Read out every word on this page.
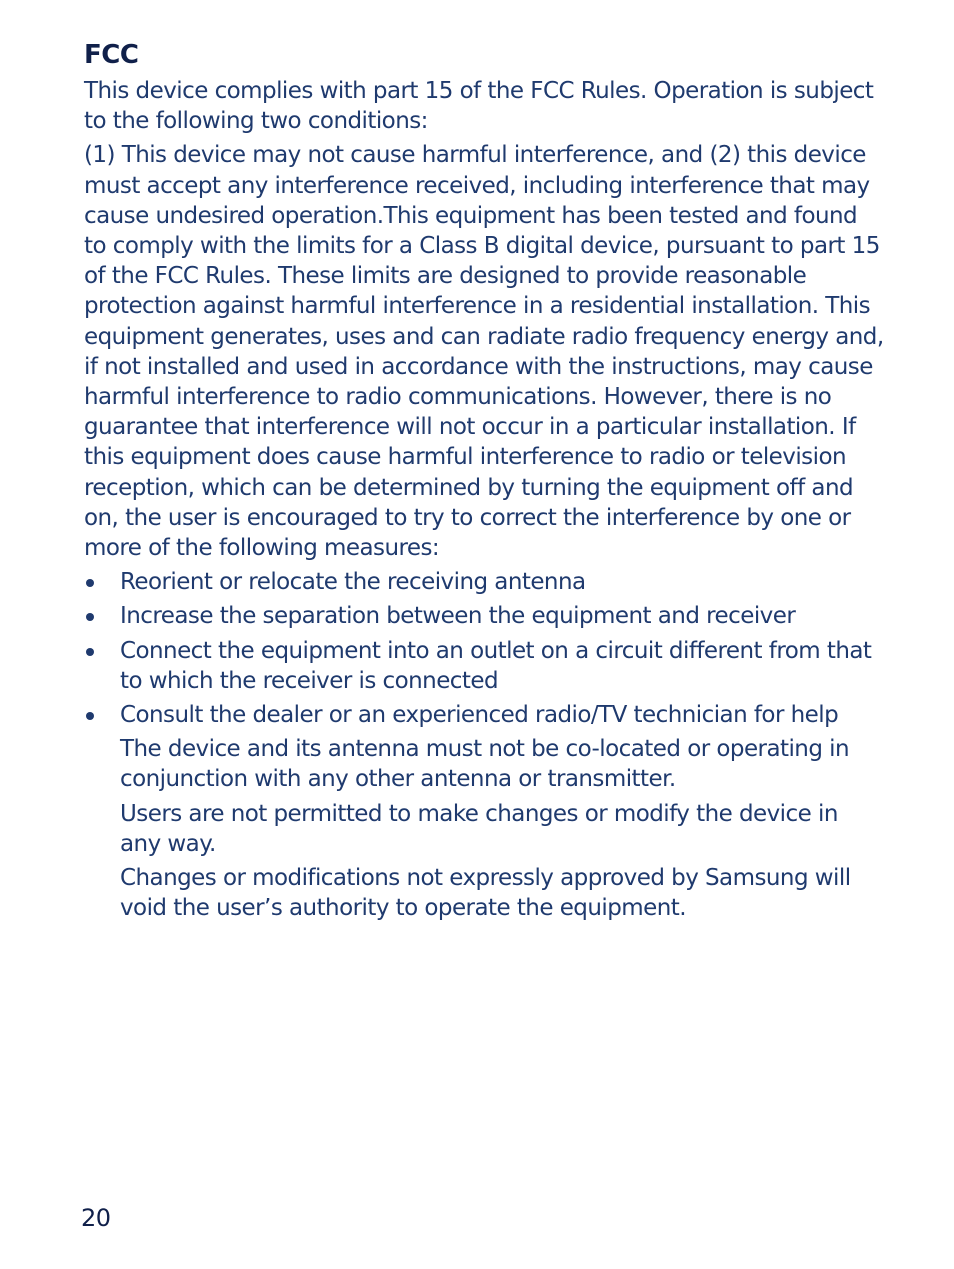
FCC

This device complies with part 15 of the FCC Rules. Operation is subject to the following two conditions:

(1) This device may not cause harmful interference, and (2) this device must accept any interference received, including interference that may cause undesired operation.This equipment has been tested and found to comply with the limits for a Class B digital device, pursuant to part 15 of the FCC Rules. These limits are designed to provide reasonable protection against harmful interference in a residential installation. This equipment generates, uses and can radiate radio frequency energy and, if not installed and used in accordance with the instructions, may cause harmful interference to radio communications. However, there is no guarantee that interference will not occur in a particular installation. If this equipment does cause harmful interference to radio or television reception, which can be determined by turning the equipment off and on, the user is encouraged to try to correct the interference by one or more of the following measures:

Reorient or relocate the receiving antenna
Increase the separation between the equipment and receiver
Connect the equipment into an outlet on a circuit different from that to which the receiver is connected
Consult the dealer or an experienced radio/TV technician for help

The device and its antenna must not be co-located or operating in conjunction with any other antenna or transmitter.

Users are not permitted to make changes or modify the device in any way.

Changes or modifications not expressly approved by Samsung will void the user’s authority to operate the equipment.

20
